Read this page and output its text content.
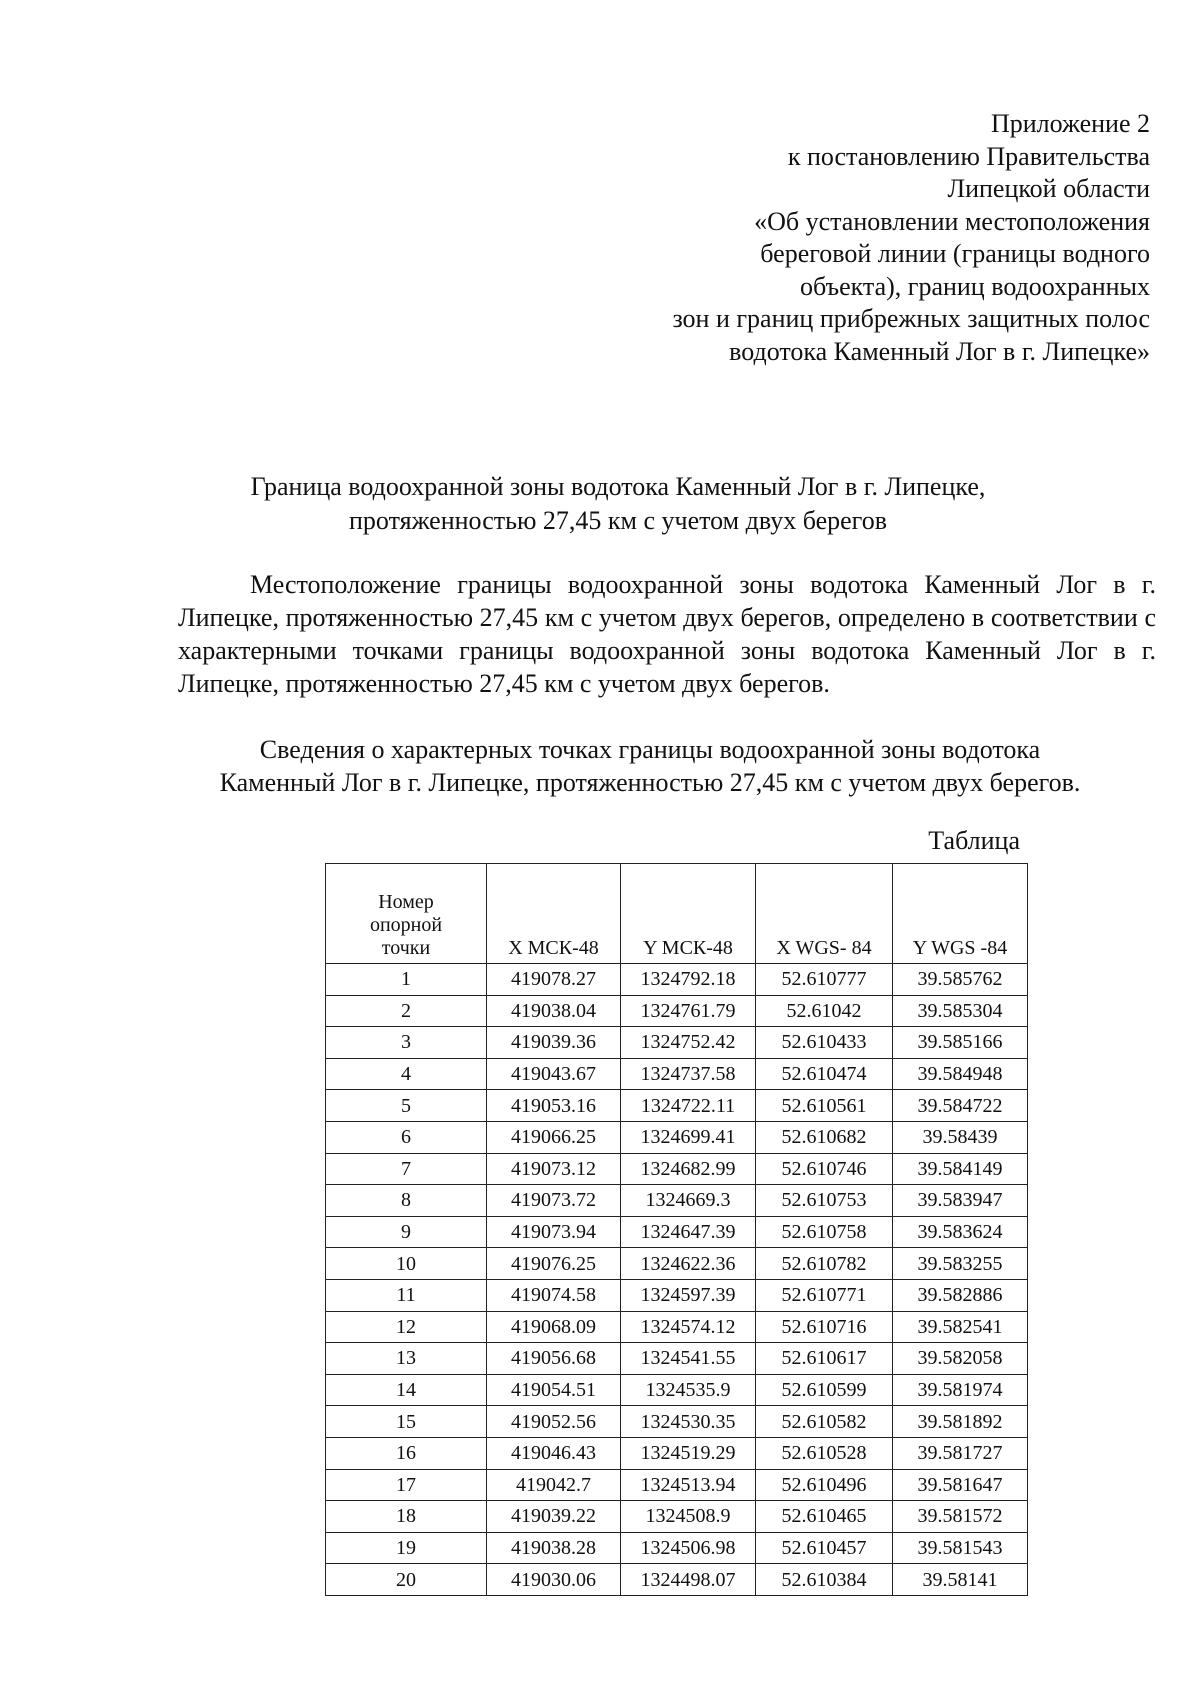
Приложение 2
к постановлению Правительства
Липецкой области
«Об установлении местоположения
береговой линии (границы водного
объекта), границ водоохранных
зон и границ прибрежных защитных полос
водотока Каменный Лог в г. Липецке»
Граница водоохранной зоны водотока Каменный Лог в г. Липецке,
протяженностью 27,45 км с учетом двух берегов
Местоположение границы водоохранной зоны водотока Каменный Лог в г. Липецке, протяженностью 27,45 км с учетом двух берегов, определено в соответствии с характерными точками границы водоохранной зоны водотока Каменный Лог в г. Липецке, протяженностью 27,45 км с учетом двух берегов.
Сведения о характерных точках границы водоохранной зоны водотока
Каменный Лог в г. Липецке, протяженностью 27,45 км с учетом двух берегов.
Таблица
Номер
опорной
точки	X МСК-48	Y МСК-48	X WGS- 84	Y WGS -84
1	419078.27	1324792.18	52.610777	39.585762
2	419038.04	1324761.79	52.61042	39.585304
3	419039.36	1324752.42	52.610433	39.585166
4	419043.67	1324737.58	52.610474	39.584948
5	419053.16	1324722.11	52.610561	39.584722
6	419066.25	1324699.41	52.610682	39.58439
7	419073.12	1324682.99	52.610746	39.584149
8	419073.72	1324669.3	52.610753	39.583947
9	419073.94	1324647.39	52.610758	39.583624
10	419076.25	1324622.36	52.610782	39.583255
11	419074.58	1324597.39	52.610771	39.582886
12	419068.09	1324574.12	52.610716	39.582541
13	419056.68	1324541.55	52.610617	39.582058
14	419054.51	1324535.9	52.610599	39.581974
15	419052.56	1324530.35	52.610582	39.581892
16	419046.43	1324519.29	52.610528	39.581727
17	419042.7	1324513.94	52.610496	39.581647
18	419039.22	1324508.9	52.610465	39.581572
19	419038.28	1324506.98	52.610457	39.581543
20	419030.06	1324498.07	52.610384	39.58141
